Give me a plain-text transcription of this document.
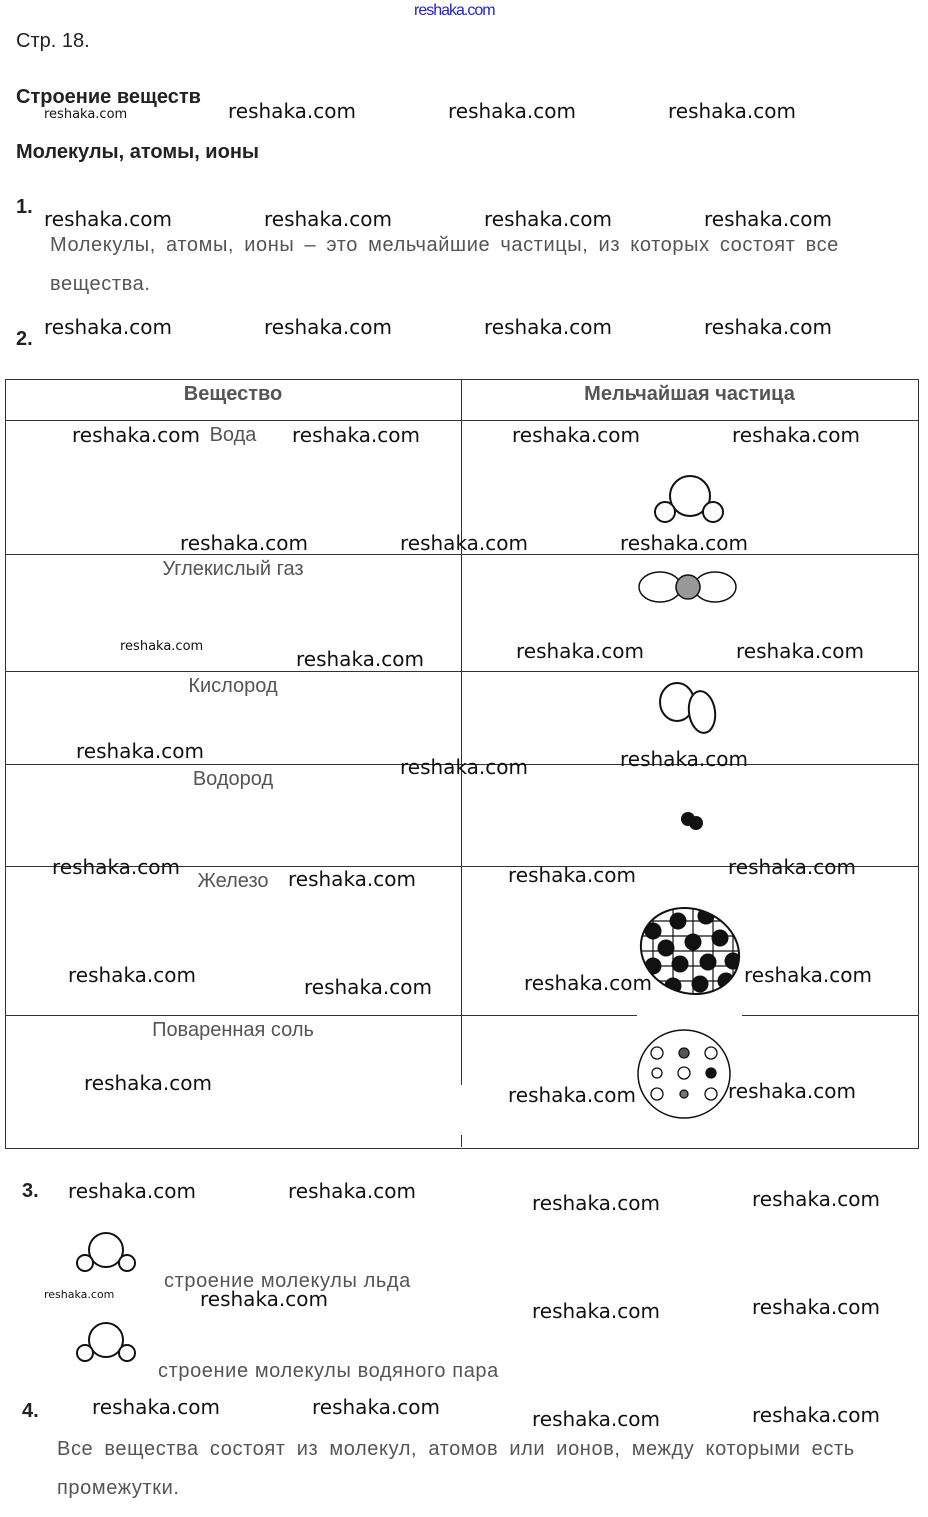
reshaka.com
Стр. 18.
Строение веществ
Молекулы, атомы, ионы
1.
Молекулы, атомы, ионы – это мельчайшие частицы, из которых состоят все
вещества.
2.
Вещество	Мельчайшая частица
Вода
Углекислый газ
Кислород
Водород
Железо
Поваренная соль
3.
строение молекулы льда
строение молекулы водяного пара
4.
Все вещества состоят из молекул, атомов или ионов, между которыми есть
промежутки.
reshaka.com	reshaka.com	reshaka.com
reshaka.com
reshaka.com	reshaka.com	reshaka.com	reshaka.com
reshaka.com	reshaka.com	reshaka.com	reshaka.com
reshaka.com	reshaka.com	reshaka.com	reshaka.com
reshaka.com	reshaka.com	reshaka.com
reshaka.com
reshaka.com	reshaka.com	reshaka.com
reshaka.com
reshaka.com	reshaka.com
reshaka.com	reshaka.com	reshaka.com	reshaka.com
reshaka.com	reshaka.com	reshaka.com	reshaka.com
reshaka.com	reshaka.com	reshaka.com
reshaka.com	reshaka.com	reshaka.com	reshaka.com
reshaka.com	reshaka.com	reshaka.com	reshaka.com
reshaka.com	reshaka.com	reshaka.com	reshaka.com
